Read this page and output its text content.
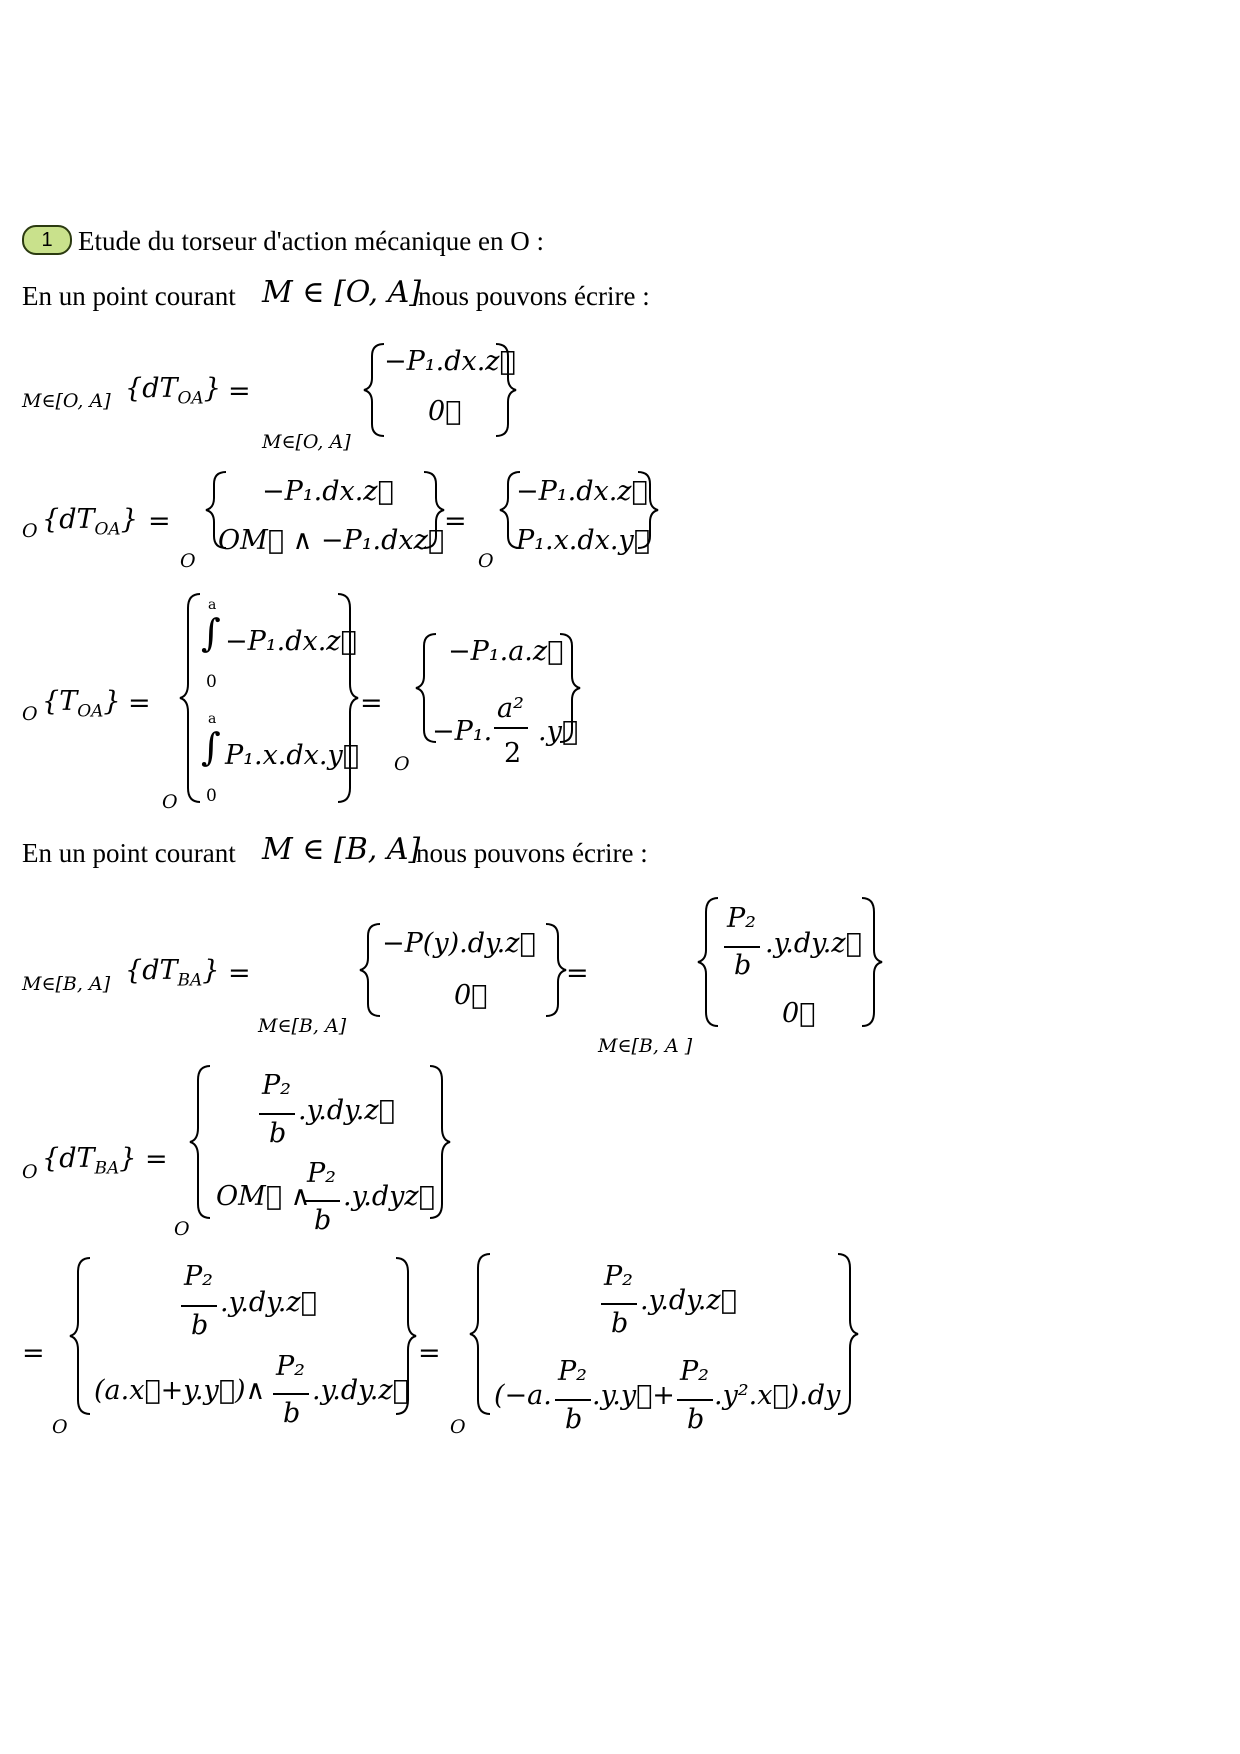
1 Etude du torseur d'action mécanique en O :
En un point courant M ∈ [O, A]
nous pouvons écrire :
M∈[O, A] $\{dT_{OA}\}$ =
−P₁.dx.z⃗
0⃗
M∈[O, A]
O $\{dT_{OA}\}$ =
O
−P₁.dx.z⃗
OM⃗ ∧ −P₁.dxz⃗
=
O
−P₁.dx.z⃗
P₁.x.dx.y⃗
O $\{T_{OA}\}$ =
O
a
∫
0
−P₁.dx.z⃗
a
∫
0
P₁.x.dx.y⃗
=
O
−P₁.a.z⃗
−P₁.
a²
2
.y⃗
En un point courant M ∈ [B, A]
nous pouvons écrire :
M∈[B, A] $\{dT_{BA}\}$ =
−P(y).dy.z⃗
0⃗
M∈[B, A]
=
P₂
b
.y.dy.z⃗
0⃗
M∈[B, A ]
O $\{dT_{BA}\}$ =
O
P₂
b
.y.dy.z⃗
OM⃗ ∧
P₂
b
.y.dyz⃗
=
O
P₂
b
.y.dy.z⃗
(a.x⃗+y.y⃗)∧
P₂
b
.y.dy.z⃗
=
O
P₂
b
.y.dy.z⃗
(−a.
P₂
b
.y.y⃗+
P₂
b
.y².x⃗).dy
